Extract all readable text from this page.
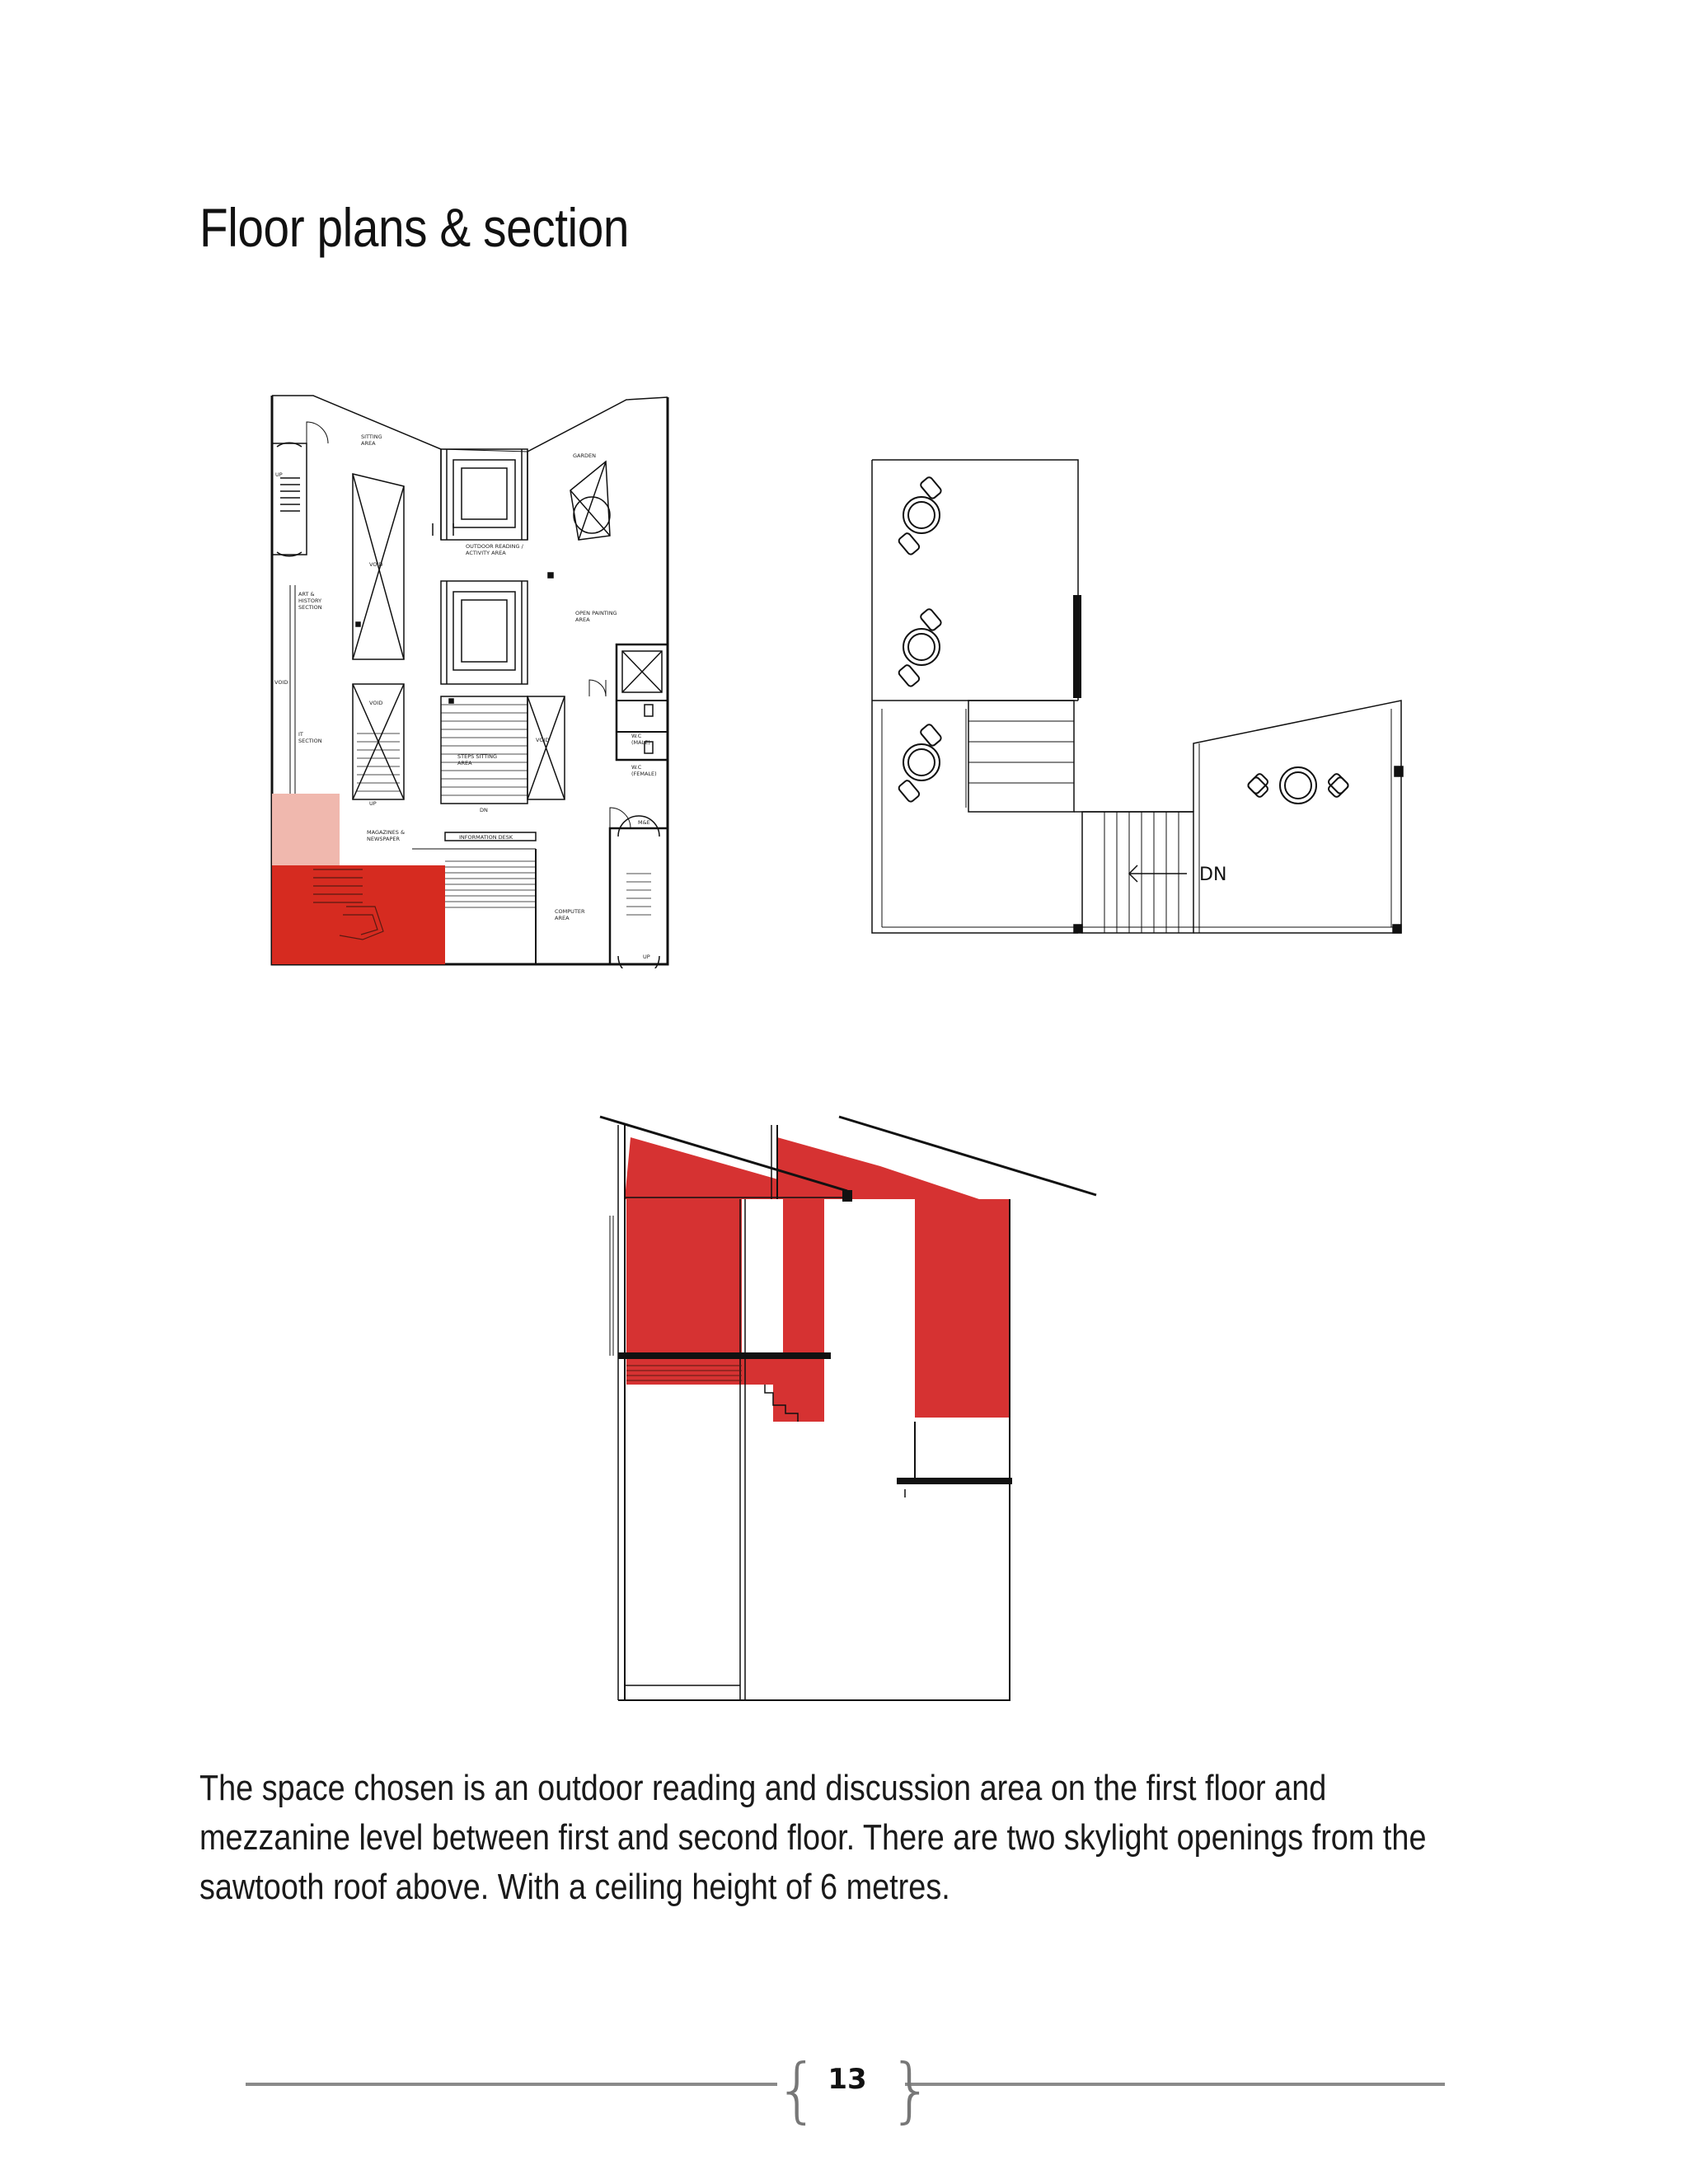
Floor plans & section
SITTING
AREA
GARDEN
OUTDOOR READING /
ACTIVITY AREA
OPEN PAINTING
AREA
ART &
HISTORY
SECTION
IT
SECTION
VOID
VOID
VOID
VOID
STEPS SITTING
AREA
MAGAZINES &
NEWSPAPER	INFORMATION DESK
COMPUTER
AREA
W.C
(MALE)
W.C
(FEMALE)
M&E
UP
UP
UP
DN
DN
The space chosen is an outdoor reading and discussion area on the first floor and
mezzanine level between first and second floor. There are two skylight openings from the
sawtooth roof above. With a ceiling height of 6 metres.
{ }
13
